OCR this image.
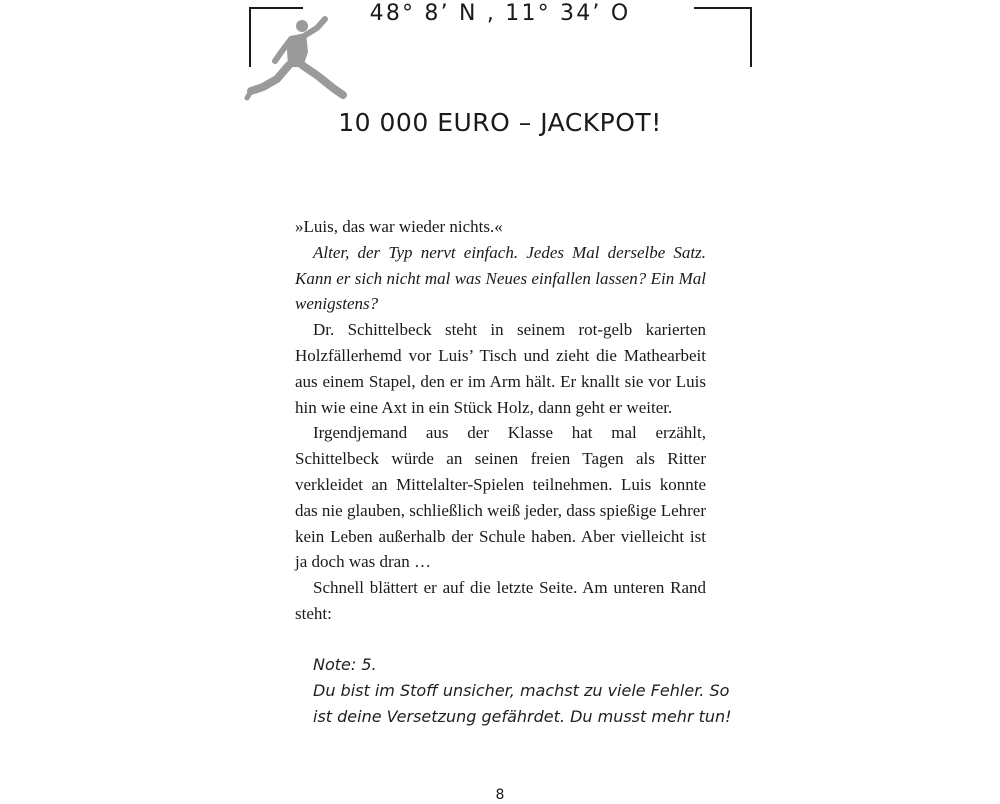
48° 8’ N , 11° 34’ O
10 000 EURO – JACKPOT!

»Luis, das war wieder nichts.«

Alter, der Typ nervt einfach. Jedes Mal derselbe Satz. Kann er sich nicht mal was Neues einfallen lassen? Ein Mal wenigstens?

Dr. Schittelbeck steht in seinem rot-gelb karierten Holzfällerhemd vor Luis’ Tisch und zieht die Mathearbeit aus einem Stapel, den er im Arm hält. Er knallt sie vor Luis hin wie eine Axt in ein Stück Holz, dann geht er weiter.

Irgendjemand aus der Klasse hat mal erzählt, Schittelbeck würde an seinen freien Tagen als Ritter verkleidet an Mittelalter-Spielen teilnehmen. Luis konnte das nie glauben, schließlich weiß jeder, dass spießige Lehrer kein Leben außerhalb der Schule haben. Aber vielleicht ist ja doch was dran …

Schnell blättert er auf die letzte Seite. Am unteren Rand steht:

Note: 5.

Du bist im Stoff unsicher, machst zu viele Fehler. So ist deine Versetzung gefährdet. Du musst mehr tun!

8
